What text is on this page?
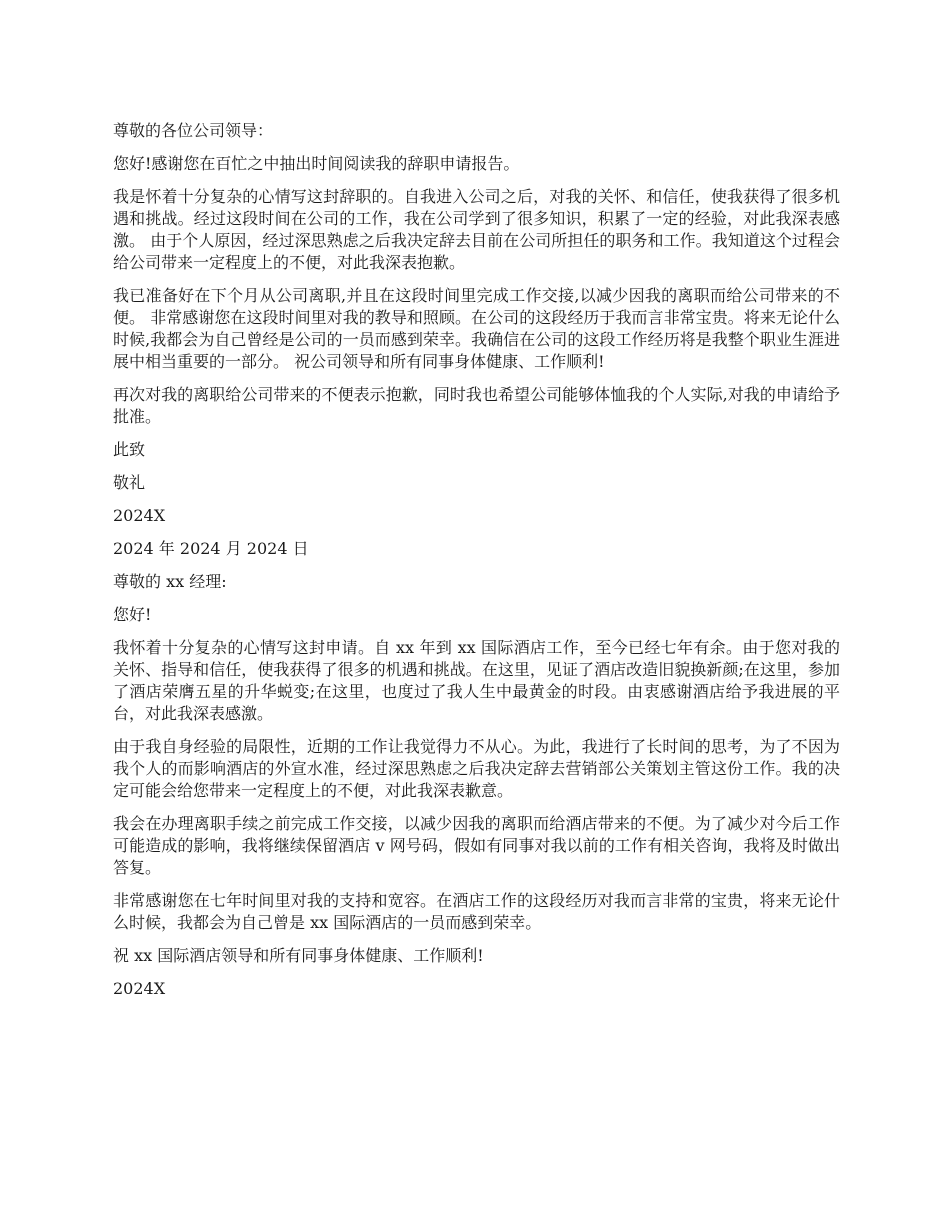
尊敬的各位公司领导：

您好!感谢您在百忙之中抽出时间阅读我的辞职申请报告。

我是怀着十分复杂的心情写这封辞职的。自我进入公司之后，对我的关怀、和信任，使我获得了很多机遇和挑战。经过这段时间在公司的工作，我在公司学到了很多知识，积累了一定的经验，对此我深表感激。 由于个人原因，经过深思熟虑之后我决定辞去目前在公司所担任的职务和工作。我知道这个过程会给公司带来一定程度上的不便，对此我深表抱歉。

我已准备好在下个月从公司离职,并且在这段时间里完成工作交接,以减少因我的离职而给公司带来的不便。 非常感谢您在这段时间里对我的教导和照顾。在公司的这段经历于我而言非常宝贵。将来无论什么时候,我都会为自己曾经是公司的一员而感到荣幸。我确信在公司的这段工作经历将是我整个职业生涯进展中相当重要的一部分。 祝公司领导和所有同事身体健康、工作顺利!

再次对我的离职给公司带来的不便表示抱歉，同时我也希望公司能够体恤我的个人实际,对我的申请给予批准。

此致

敬礼

2024X

2024 年 2024 月 2024 日

尊敬的 xx 经理:

您好!

我怀着十分复杂的心情写这封申请。自 xx 年到 xx 国际酒店工作，至今已经七年有余。由于您对我的关怀、指导和信任，使我获得了很多的机遇和挑战。在这里，见证了酒店改造旧貌换新颜;在这里，参加了酒店荣膺五星的升华蜕变;在这里，也度过了我人生中最黄金的时段。由衷感谢酒店给予我进展的平台，对此我深表感激。

由于我自身经验的局限性，近期的工作让我觉得力不从心。为此，我进行了长时间的思考，为了不因为我个人的而影响酒店的外宣水准，经过深思熟虑之后我决定辞去营销部公关策划主管这份工作。我的决定可能会给您带来一定程度上的不便，对此我深表歉意。

我会在办理离职手续之前完成工作交接，以减少因我的离职而给酒店带来的不便。为了减少对今后工作可能造成的影响，我将继续保留酒店 v 网号码，假如有同事对我以前的工作有相关咨询，我将及时做出答复。

非常感谢您在七年时间里对我的支持和宽容。在酒店工作的这段经历对我而言非常的宝贵，将来无论什么时候，我都会为自己曾是 xx 国际酒店的一员而感到荣幸。

祝 xx 国际酒店领导和所有同事身体健康、工作顺利!

2024X
